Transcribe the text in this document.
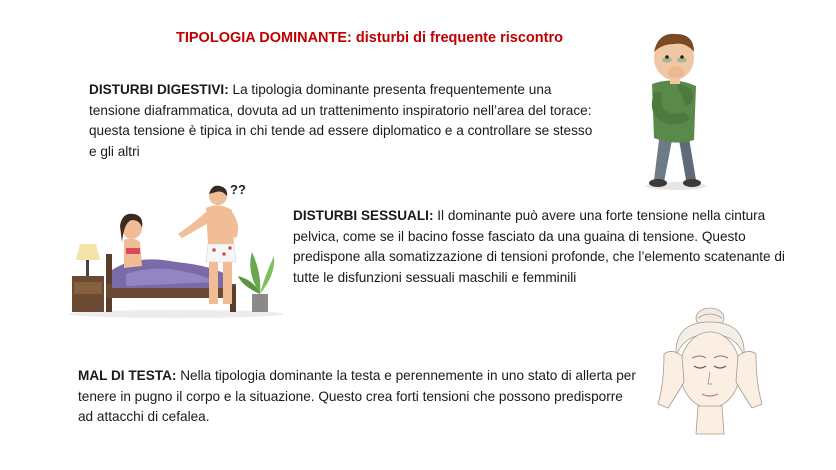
TIPOLOGIA DOMINANTE: disturbi di frequente riscontro
DISTURBI DIGESTIVI: La tipologia dominante presenta frequentemente una tensione diaframmatica, dovuta ad un trattenimento inspiratorio nell’area del torace: questa tensione è tipica in chi tende ad essere diplomatico e a controllare se stesso e gli altri
DISTURBI SESSUALI: Il dominante può avere una forte tensione nella cintura pelvica, come se il bacino fosse fasciato da una guaina di tensione. Questo predispone alla somatizzazione di tensioni profonde, che l’elemento scatenante di tutte le disfunzioni sessuali maschili e femminili
MAL DI TESTA: Nella tipologia dominante la testa e perennemente in uno stato di allerta per tenere in pugno il corpo e la situazione. Questo crea forti tensioni che possono predisporre ad attacchi di cefalea.
??
